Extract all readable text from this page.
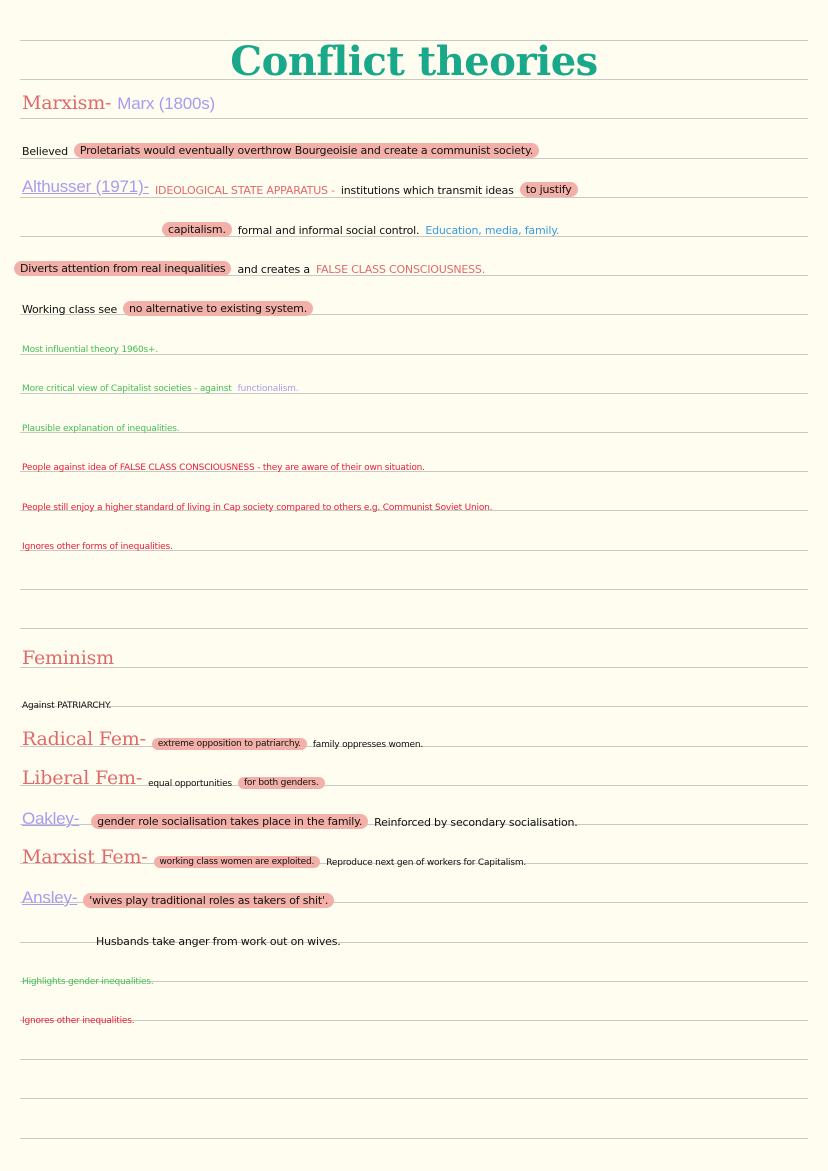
Conflict theories
Marxism- Marx (1800s)
Believed	Proletariats would eventually overthrow Bourgeoisie and create a communist society.
Althusser (1971)- IDEOLOGICAL STATE APPARATUS - institutions which transmit ideas	to justify
capitalism.	formal and informal social control. Education, media, family.
Diverts attention from real inequalities	and creates a FALSE CLASS CONSCIOUSNESS.
Working class see	no alternative to existing system.
Most influential theory 1960s+.
More critical view of Capitalist societies - against functionalism.
Plausible explanation of inequalities.
People against idea of FALSE CLASS CONSCIOUSNESS - they are aware of their own situation.
People still enjoy a higher standard of living in Cap society compared to others e.g. Communist Soviet Union.
Ignores other forms of inequalities.
Feminism
Against PATRIARCHY.
Radical Fem-	extreme opposition to patriarchy.	family oppresses women.
Liberal Fem- equal opportunities	for both genders.
Oakley-	gender role socialisation takes place in the family.	Reinforced by secondary socialisation.
Marxist Fem-	working class women are exploited.	Reproduce next gen of workers for Capitalism.
Ansley-	'wives play traditional roles as takers of shit'.
Husbands take anger from work out on wives.
Highlights gender inequalities.
Ignores other inequalities.
